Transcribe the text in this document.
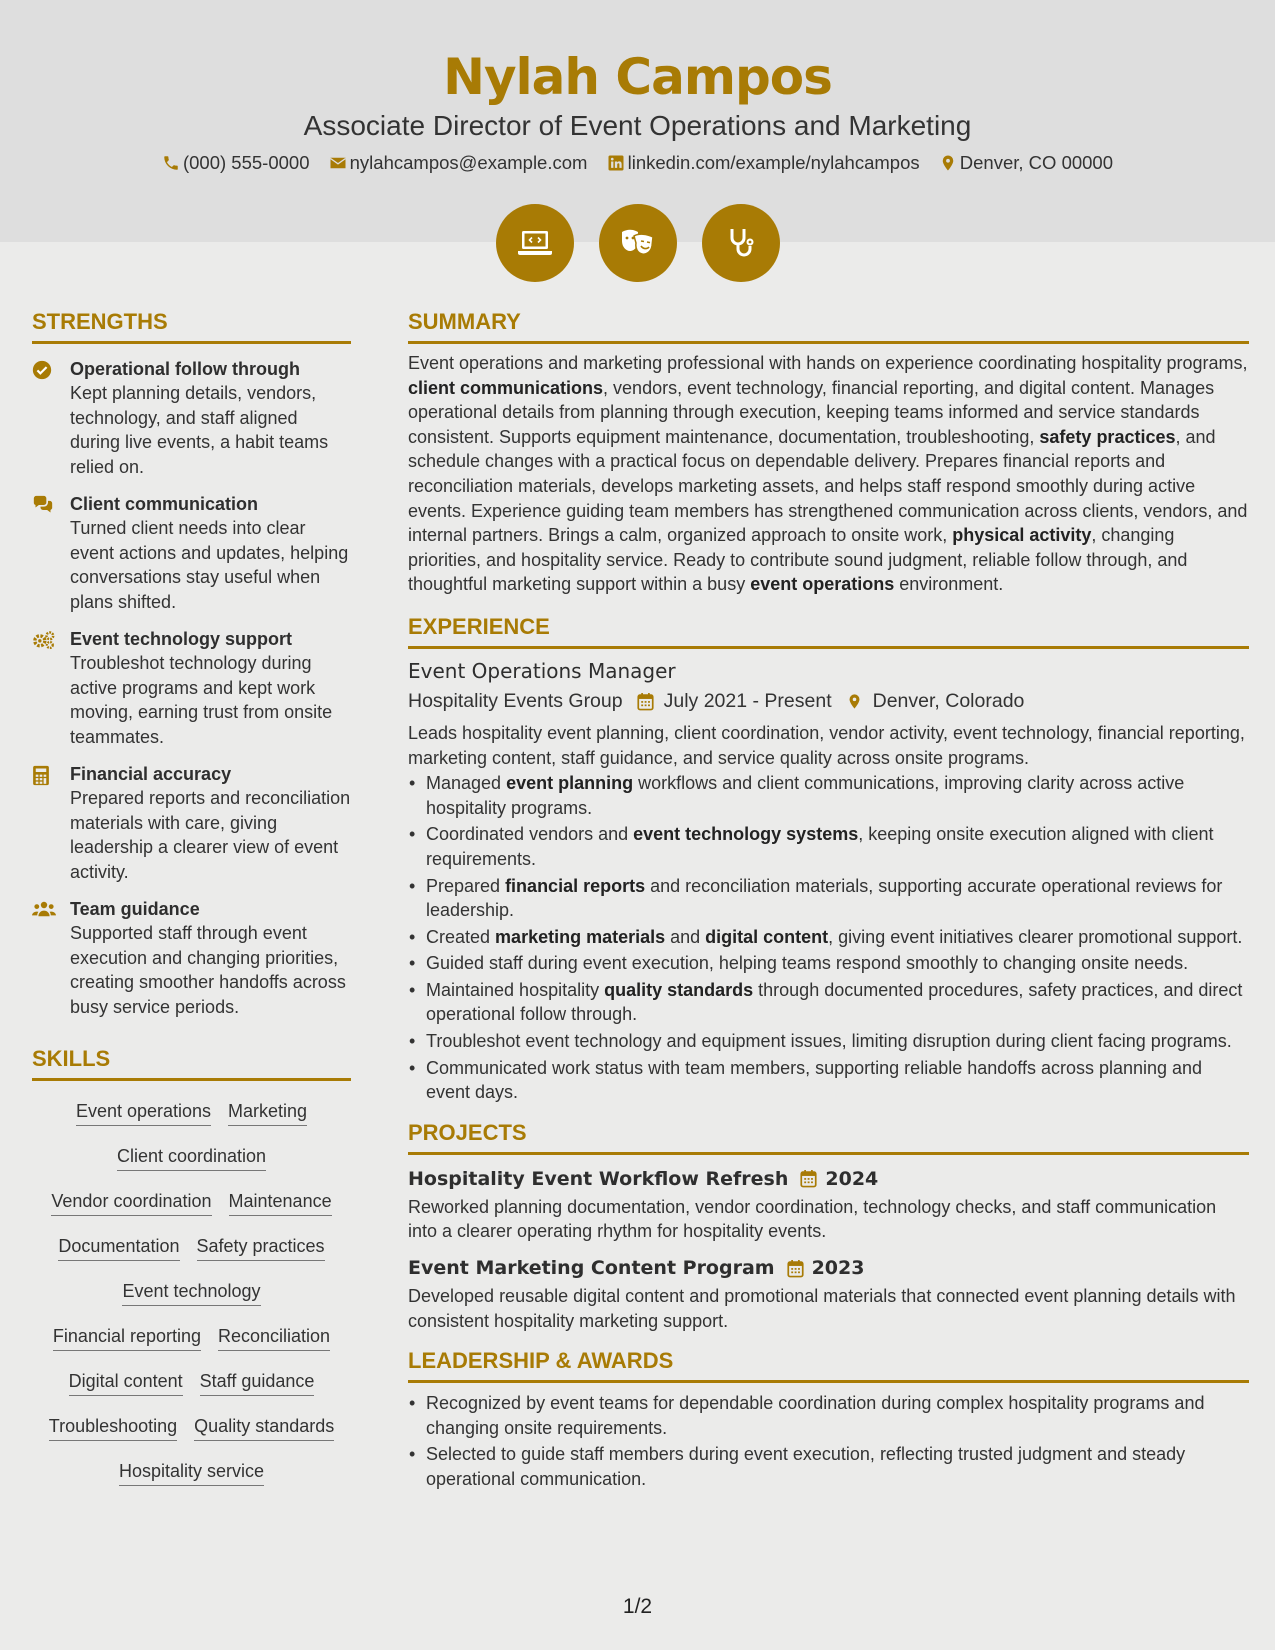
Nylah Campos
Associate Director of Event Operations and Marketing
(000) 555-0000
nylahcampos@example.com
linkedin.com/example/nylahcampos
Denver, CO 00000
STRENGTHS
Operational follow through
Kept planning details, vendors, technology, and staff aligned during live events, a habit teams relied on.
Client communication
Turned client needs into clear event actions and updates, helping conversations stay useful when plans shifted.
Event technology support
Troubleshot technology during active programs and kept work moving, earning trust from onsite teammates.
Financial accuracy
Prepared reports and reconciliation materials with care, giving leadership a clearer view of event activity.
Team guidance
Supported staff through event execution and changing priorities, creating smoother handoffs across busy service periods.
SKILLS
Event operations Marketing
Client coordination
Vendor coordination Maintenance
Documentation Safety practices
Event technology
Financial reporting Reconciliation
Digital content Staff guidance
Troubleshooting Quality standards
Hospitality service
SUMMARY
Event operations and marketing professional with hands on experience coordinating hospitality programs, client communications, vendors, event technology, financial reporting, and digital content. Manages operational details from planning through execution, keeping teams informed and service standards consistent. Supports equipment maintenance, documentation, troubleshooting, safety practices, and schedule changes with a practical focus on dependable delivery. Prepares financial reports and reconciliation materials, develops marketing assets, and helps staff respond smoothly during active events. Experience guiding team members has strengthened communication across clients, vendors, and internal partners. Brings a calm, organized approach to onsite work, physical activity, changing priorities, and hospitality service. Ready to contribute sound judgment, reliable follow through, and thoughtful marketing support within a busy event operations environment.
EXPERIENCE
Event Operations Manager
Hospitality Events Group July 2021 - Present Denver, Colorado
Leads hospitality event planning, client coordination, vendor activity, event technology, financial reporting, marketing content, staff guidance, and service quality across onsite programs.
• Managed event planning workflows and client communications, improving clarity across active hospitality programs.
• Coordinated vendors and event technology systems, keeping onsite execution aligned with client requirements.
• Prepared financial reports and reconciliation materials, supporting accurate operational reviews for leadership.
• Created marketing materials and digital content, giving event initiatives clearer promotional support.
• Guided staff during event execution, helping teams respond smoothly to changing onsite needs.
• Maintained hospitality quality standards through documented procedures, safety practices, and direct operational follow through.
• Troubleshot event technology and equipment issues, limiting disruption during client facing programs.
• Communicated work status with team members, supporting reliable handoffs across planning and event days.
PROJECTS
Hospitality Event Workflow Refresh 2024
Reworked planning documentation, vendor coordination, technology checks, and staff communication into a clearer operating rhythm for hospitality events.
Event Marketing Content Program 2023
Developed reusable digital content and promotional materials that connected event planning details with consistent hospitality marketing support.
LEADERSHIP & AWARDS
• Recognized by event teams for dependable coordination during complex hospitality programs and changing onsite requirements.
• Selected to guide staff members during event execution, reflecting trusted judgment and steady operational communication.
1/2
